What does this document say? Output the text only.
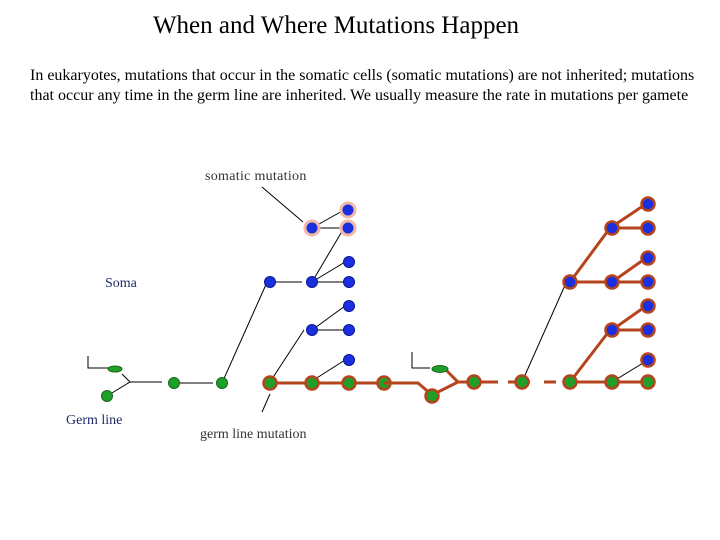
When and Where Mutations Happen
In eukaryotes, mutations that occur in the somatic cells (somatic mutations) are not inherited; mutations that occur any time in the germ line are inherited. We usually measure the rate in mutations per gamete
somatic mutation
Soma
Germ line
germ line mutation
